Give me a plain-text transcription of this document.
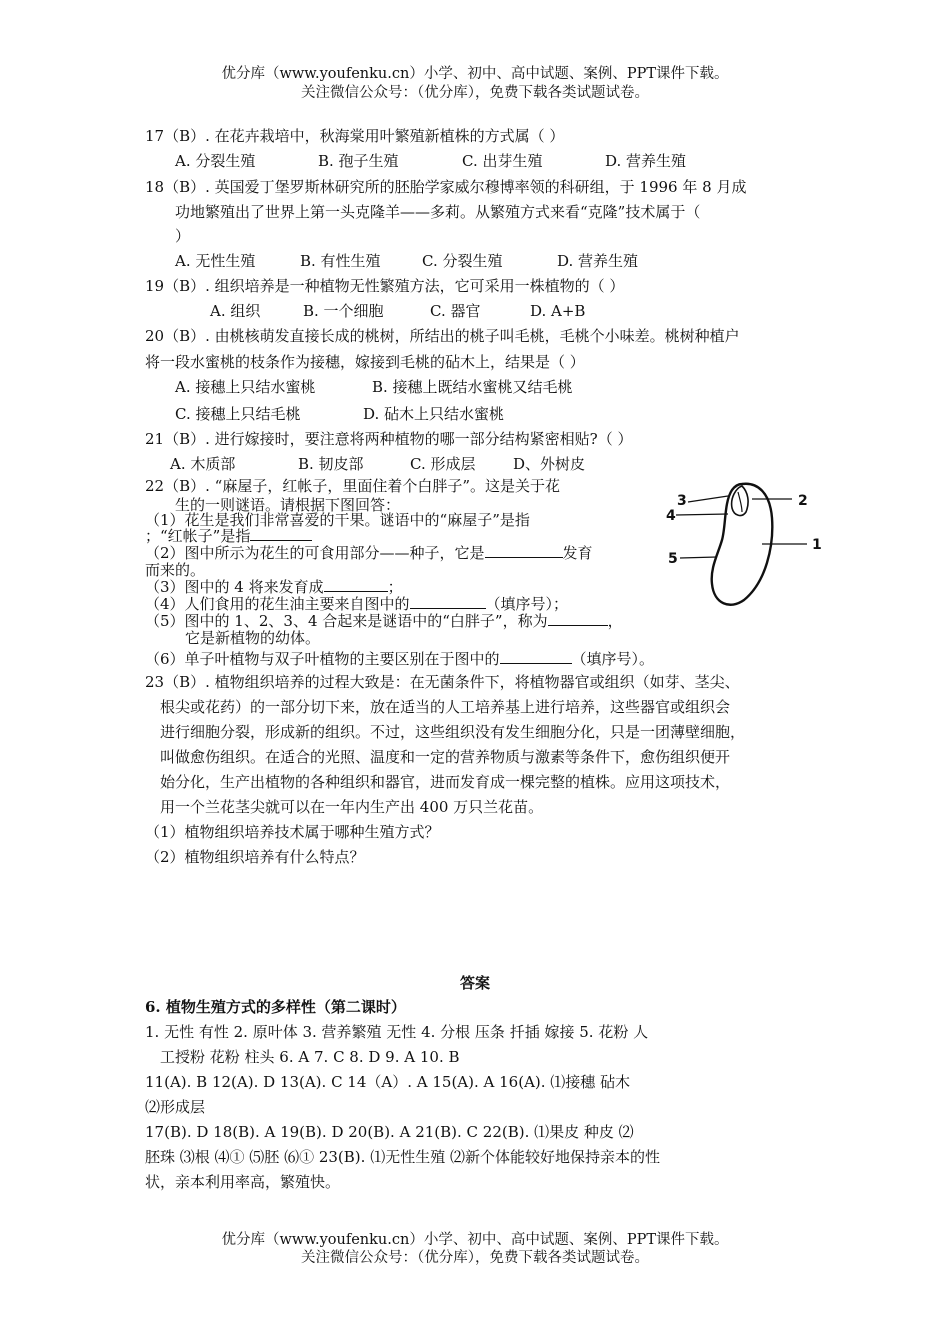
优分库（www.youfenku.cn）小学、初中、高中试题、案例、PPT课件下载。
关注微信公众号：（优分库），免费下载各类试题试卷。
17（B）. 在花卉栽培中，秋海棠用叶繁殖新植株的方式属（ ）
A. 分裂生殖	B. 孢子生殖	C. 出芽生殖	D. 营养生殖
18（B）. 英国爱丁堡罗斯林研究所的胚胎学家威尔穆博率领的科研组，于 1996 年 8 月成
功地繁殖出了世界上第一头克隆羊——多莉。从繁殖方式来看“克隆”技术属于（
）
A. 无性生殖	B. 有性生殖	C. 分裂生殖	D. 营养生殖
19（B）. 组织培养是一种植物无性繁殖方法，它可采用一株植物的（ ）
A. 组织	B. 一个细胞	C. 器官	D. A+B
20（B）. 由桃核萌发直接长成的桃树，所结出的桃子叫毛桃，毛桃个小味差。桃树种植户
将一段水蜜桃的枝条作为接穗，嫁接到毛桃的砧木上，结果是（ ）
A. 接穗上只结水蜜桃	B. 接穗上既结水蜜桃又结毛桃
C. 接穗上只结毛桃	D. 砧木上只结水蜜桃
21（B）. 进行嫁接时，要注意将两种植物的哪一部分结构紧密相贴?（ ）
A. 木质部	B. 韧皮部	C. 形成层	D、外树皮
22（B）. “麻屋子，红帐子，里面住着个白胖子”。这是关于花
生的一则谜语。请根据下图回答：
（1）花生是我们非常喜爱的干果。谜语中的“麻屋子”是指
；“红帐子”是指
（2）图中所示为花生的可食用部分——种子，它是	发育
而来的。
（3）图中的 4 将来发育成	；
（4）人们食用的花生油主要来自图中的	（填序号）；
（5）图中的 1、2、3、4 合起来是谜语中的“白胖子”，称为	，
它是新植物的幼体。
（6）单子叶植物与双子叶植物的主要区别在于图中的	（填序号）。
2
3
4
1
5
23（B）. 植物组织培养的过程大致是：在无菌条件下，将植物器官或组织（如芽、茎尖、
根尖或花药）的一部分切下来，放在适当的人工培养基上进行培养，这些器官或组织会
进行细胞分裂，形成新的组织。不过，这些组织没有发生细胞分化，只是一团薄壁细胞，
叫做愈伤组织。在适合的光照、温度和一定的营养物质与激素等条件下，愈伤组织便开
始分化，生产出植物的各种组织和器官，进而发育成一棵完整的植株。应用这项技术，
用一个兰花茎尖就可以在一年内生产出 400 万只兰花苗。
（1）植物组织培养技术属于哪种生殖方式？
（2）植物组织培养有什么特点？
答案
6. 植物生殖方式的多样性（第二课时）
1. 无性 有性 2. 原叶体 3. 营养繁殖 无性 4. 分根 压条 扦插 嫁接 5. 花粉 人
工授粉 花粉 柱头 6. A 7. C 8. D 9. A 10. B
11(A). B 12(A). D 13(A). C 14（A）. A 15(A). A 16(A). ⑴接穗 砧木
⑵形成层
17(B). D 18(B). A 19(B). D 20(B). A 21(B). C 22(B). ⑴果皮 种皮 ⑵
胚珠 ⑶根 ⑷① ⑸胚 ⑹① 23(B). ⑴无性生殖 ⑵新个体能较好地保持亲本的性
状，亲本利用率高，繁殖快。
优分库（www.youfenku.cn）小学、初中、高中试题、案例、PPT课件下载。
关注微信公众号：（优分库），免费下载各类试题试卷。
